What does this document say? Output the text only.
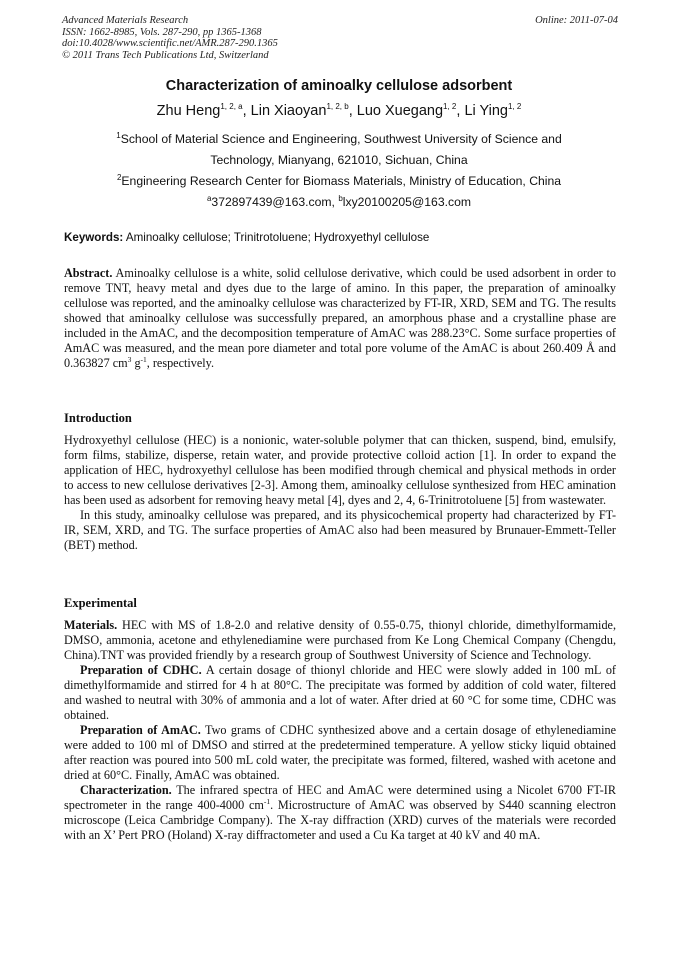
Advanced Materials Research
ISSN: 1662-8985, Vols. 287-290, pp 1365-1368
doi:10.4028/www.scientific.net/AMR.287-290.1365
© 2011 Trans Tech Publications Ltd, Switzerland
Online: 2011-07-04
Characterization of aminoalky cellulose adsorbent
Zhu Heng$^{1, 2, a}$, Lin Xiaoyan$^{1, 2, b}$, Luo Xuegang$^{1, 2}$, Li Ying$^{1, 2}$
$^1$School of Material Science and Engineering, Southwest University of Science and
Technology, Mianyang, 621010, Sichuan, China
$^2$Engineering Research Center for Biomass Materials, Ministry of Education, China
$^a$372897439@163.com, $^b$lxy20100205@163.com
Keywords: Aminoalky cellulose; Trinitrotoluene; Hydroxyethyl cellulose

Abstract. Aminoalky cellulose is a white, solid cellulose derivative, which could be used adsorbent in order to remove TNT, heavy metal and dyes due to the large of amino. In this paper, the preparation of aminoalky cellulose was reported, and the aminoalky cellulose was characterized by FT-IR, XRD, SEM and TG. The results showed that aminoalky cellulose was successfully prepared, an amorphous phase and a crystalline phase are included in the AmAC, and the decomposition temperature of AmAC was 288.23°C. Some surface properties of AmAC was measured, and the mean pore diameter and total pore volume of the AmAC is about 260.409 Å and 0.363827 $cm^3$ $g^{-1}$, respectively.

Introduction

Hydroxyethyl cellulose (HEC) is a nonionic, water-soluble polymer that can thicken, suspend, bind, emulsify, form films, stabilize, disperse, retain water, and provide protective colloid action [1]. In order to expand the application of HEC, hydroxyethyl cellulose has been modified through chemical and physical methods in order to access to new cellulose derivatives [2-3]. Among them, aminoalky cellulose synthesized from HEC amination has been used as adsorbent for removing heavy metal [4], dyes and 2, 4, 6-Trinitrotoluene [5] from wastewater.

In this study, aminoalky cellulose was prepared, and its physicochemical property had characterized by FT-IR, SEM, XRD, and TG. The surface properties of AmAC also had been measured by Brunauer-Emmett-Teller (BET) method.

Experimental

Materials. HEC with MS of 1.8-2.0 and relative density of 0.55-0.75, thionyl chloride, dimethylformamide, DMSO, ammonia, acetone and ethylenediamine were purchased from Ke Long Chemical Company (Chengdu, China).TNT was provided friendly by a research group of Southwest University of Science and Technology.

Preparation of CDHC. A certain dosage of thionyl chloride and HEC were slowly added in 100 mL of dimethylformamide and stirred for 4 h at 80°C. The precipitate was formed by addition of cold water, filtered and washed to neutral with 30% of ammonia and a lot of water. After dried at 60 °C for some time, CDHC was obtained.

Preparation of AmAC. Two grams of CDHC synthesized above and a certain dosage of ethylenediamine were added to 100 ml of DMSO and stirred at the predetermined temperature. A yellow sticky liquid obtained after reaction was poured into 500 mL cold water, the precipitate was formed, filtered, washed with acetone and dried at 60°C. Finally, AmAC was obtained.

Characterization. The infrared spectra of HEC and AmAC were determined using a Nicolet 6700 FT-IR spectrometer in the range 400-4000 $cm^{-1}$. Microstructure of AmAC was observed by S440 scanning electron microscope (Leica Cambridge Company). The X-ray diffraction (XRD) curves of the materials were recorded with an X’ Pert PRO (Holand) X-ray diffractometer and used a Cu Ka target at 40 kV and 40 mA.
